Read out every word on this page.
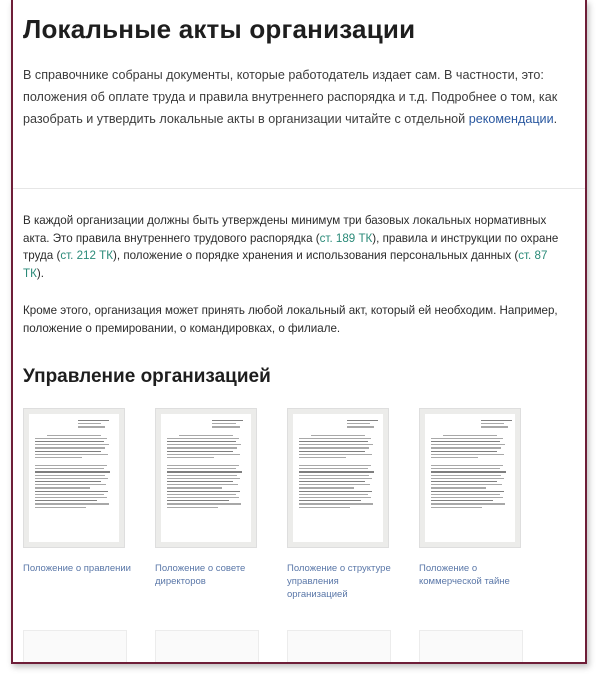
Локальные акты организации

В справочнике собраны документы, которые работодатель издает сам. В частности, это: положения об оплате труда и правила внутреннего распорядка и т.д. Подробнее о том, как разобрать и утвердить локальные акты в организации читайте с отдельной рекомендации.

В каждой организации должны быть утверждены минимум три базовых локальных нормативных акта. Это правила внутреннего трудового распорядка (ст. 189 ТК), правила и инструкции по охране труда (ст. 212 ТК), положение о порядке хранения и использования персональных данных (ст. 87 ТК).

Кроме этого, организация может принять любой локальный акт, который ей необходим. Например, положение о премировании, о командировках, о филиале.

Управление организацией
Положение о правлении	Положение о совете директоров
Положение о структуре управления организацией
Положение о коммерческой тайне
